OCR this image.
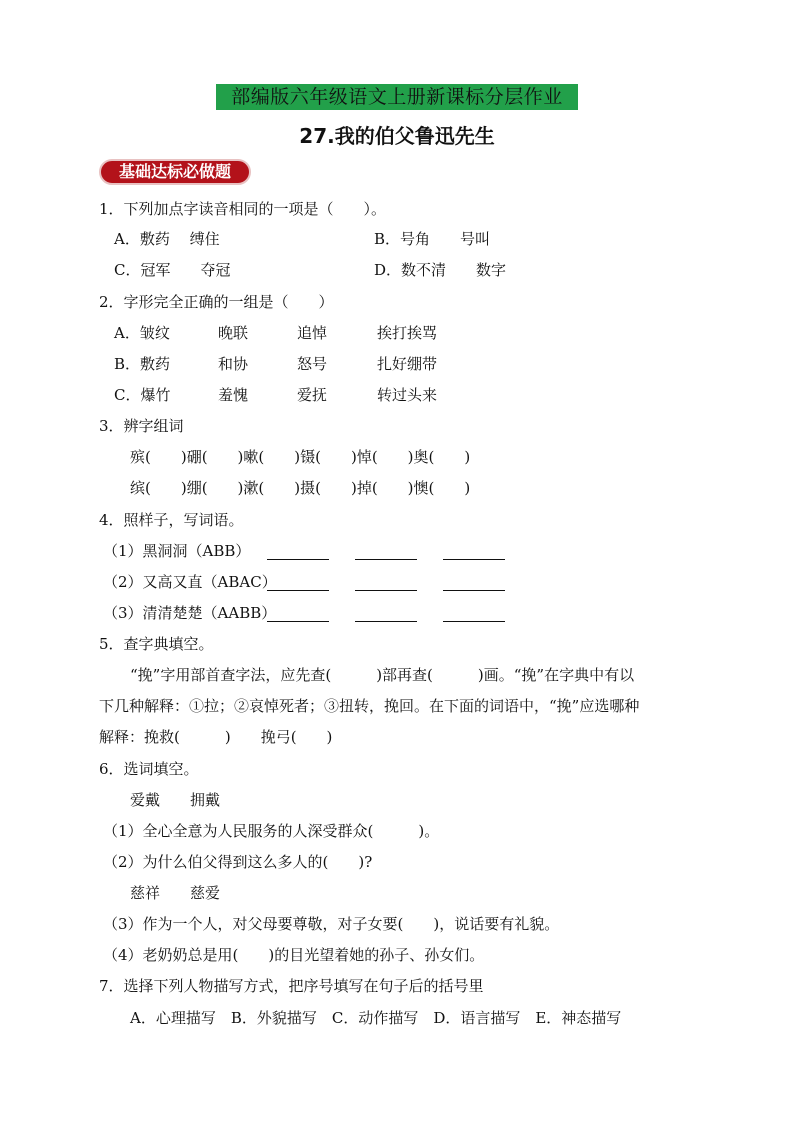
部编版六年级语文上册新课标分层作业
27.我的伯父鲁迅先生
基础达标必做题
1．下列加点字读音相同的一项是（　　）。
A．敷药　 缚住	B．号角　　号叫
C．冠军　　夺冠	D．数不清　　数字
2．字形完全正确的一组是（　　）
A．皱纹	晚联	追悼	挨打挨骂
B．敷药	和协	怒号	扎好绷带
C．爆竹	羞愧	爱抚	转过头来
3．辨字组词
殡(　　)硼(　　)嗽(　　)镊(　　)悼(　　)奥(　　)
缤(　　)绷(　　)漱(　　)摄(　　)掉(　　)懊(　　)
4．照样子，写词语。
（1）黑洞洞（ABB）
（2）又高又直（ABAC）
（3）清清楚楚（AABB）
5．查字典填空。
“挽”字用部首查字法，应先查(　　　)部再查(　　　)画。“挽”在字典中有以
下几种解释：①拉；②哀悼死者；③扭转，挽回。在下面的词语中，“挽”应选哪种
解释：挽救(　　　)　　挽弓(　　)
6．选词填空。
爱戴　　拥戴
（1）全心全意为人民服务的人深受群众(　　　)。
（2）为什么伯父得到这么多人的(　　)?
慈祥　　慈爱
（3）作为一个人，对父母要尊敬，对子女要(　　)，说话要有礼貌。
（4）老奶奶总是用(　　)的目光望着她的孙子、孙女们。
7．选择下列人物描写方式，把序号填写在句子后的括号里
A．心理描写　B．外貌描写　C．动作描写　D．语言描写　E．神态描写
